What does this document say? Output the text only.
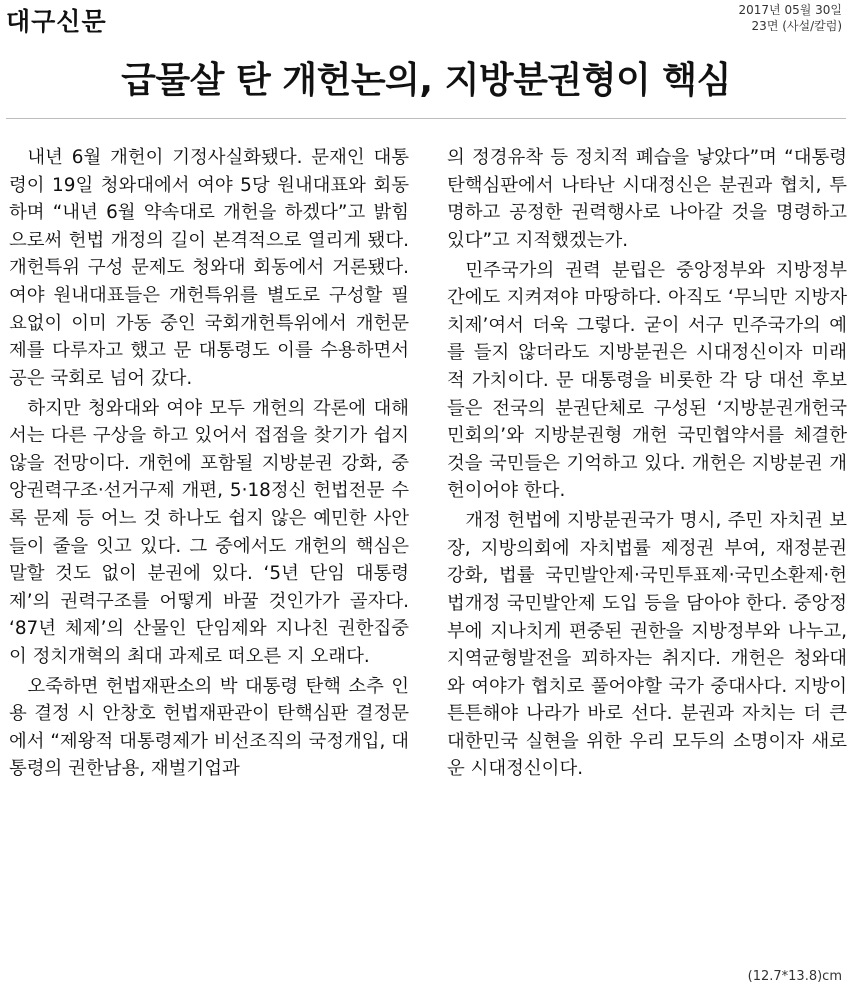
대구신문	2017년 05월 30일
23면 (사설/칼럼)
급물살 탄 개헌논의, 지방분권형이 핵심

내년 6월 개헌이 기정사실화됐다. 문재인 대통령이 19일 청와대에서 여야 5당 원내대표와 회동하며 “내년 6월 약속대로 개헌을 하겠다”고 밝힘으로써 헌법 개정의 길이 본격적으로 열리게 됐다. 개헌특위 구성 문제도 청와대 회동에서 거론됐다. 여야 원내대표들은 개헌특위를 별도로 구성할 필요없이 이미 가동 중인 국회개헌특위에서 개헌문제를 다루자고 했고 문 대통령도 이를 수용하면서 공은 국회로 넘어 갔다.

하지만 청와대와 여야 모두 개헌의 각론에 대해서는 다른 구상을 하고 있어서 접점을 찾기가 쉽지 않을 전망이다. 개헌에 포함될 지방분권 강화, 중앙권력구조·선거구제 개편, 5·18정신 헌법전문 수록 문제 등 어느 것 하나도 쉽지 않은 예민한 사안들이 줄을 잇고 있다. 그 중에서도 개헌의 핵심은 말할 것도 없이 분권에 있다. ‘5년 단임 대통령제’의 권력구조를 어떻게 바꿀 것인가가 골자다. ‘87년 체제’의 산물인 단임제와 지나친 권한집중이 정치개혁의 최대 과제로 떠오른 지 오래다.

오죽하면 헌법재판소의 박 대통령 탄핵 소추 인용 결정 시 안창호 헌법재판관이 탄핵심판 결정문에서 “제왕적 대통령제가 비선조직의 국정개입, 대통령의 권한남용, 재벌기업과

의 정경유착 등 정치적 폐습을 낳았다”며 “대통령 탄핵심판에서 나타난 시대정신은 분권과 협치, 투명하고 공정한 권력행사로 나아갈 것을 명령하고 있다”고 지적했겠는가.

민주국가의 권력 분립은 중앙정부와 지방정부 간에도 지켜져야 마땅하다. 아직도 ‘무늬만 지방자치제’여서 더욱 그렇다. 굳이 서구 민주국가의 예를 들지 않더라도 지방분권은 시대정신이자 미래적 가치이다. 문 대통령을 비롯한 각 당 대선 후보들은 전국의 분권단체로 구성된 ‘지방분권개헌국민회의’와 지방분권형 개헌 국민협약서를 체결한 것을 국민들은 기억하고 있다. 개헌은 지방분권 개헌이어야 한다.

개정 헌법에 지방분권국가 명시, 주민 자치권 보장, 지방의회에 자치법률 제정권 부여, 재정분권 강화, 법률 국민발안제·국민투표제·국민소환제·헌법개정 국민발안제 도입 등을 담아야 한다. 중앙정부에 지나치게 편중된 권한을 지방정부와 나누고, 지역균형발전을 꾀하자는 취지다. 개헌은 청와대와 여야가 협치로 풀어야할 국가 중대사다. 지방이 튼튼해야 나라가 바로 선다. 분권과 자치는 더 큰 대한민국 실현을 위한 우리 모두의 소명이자 새로운 시대정신이다.

(12.7*13.8)cm
